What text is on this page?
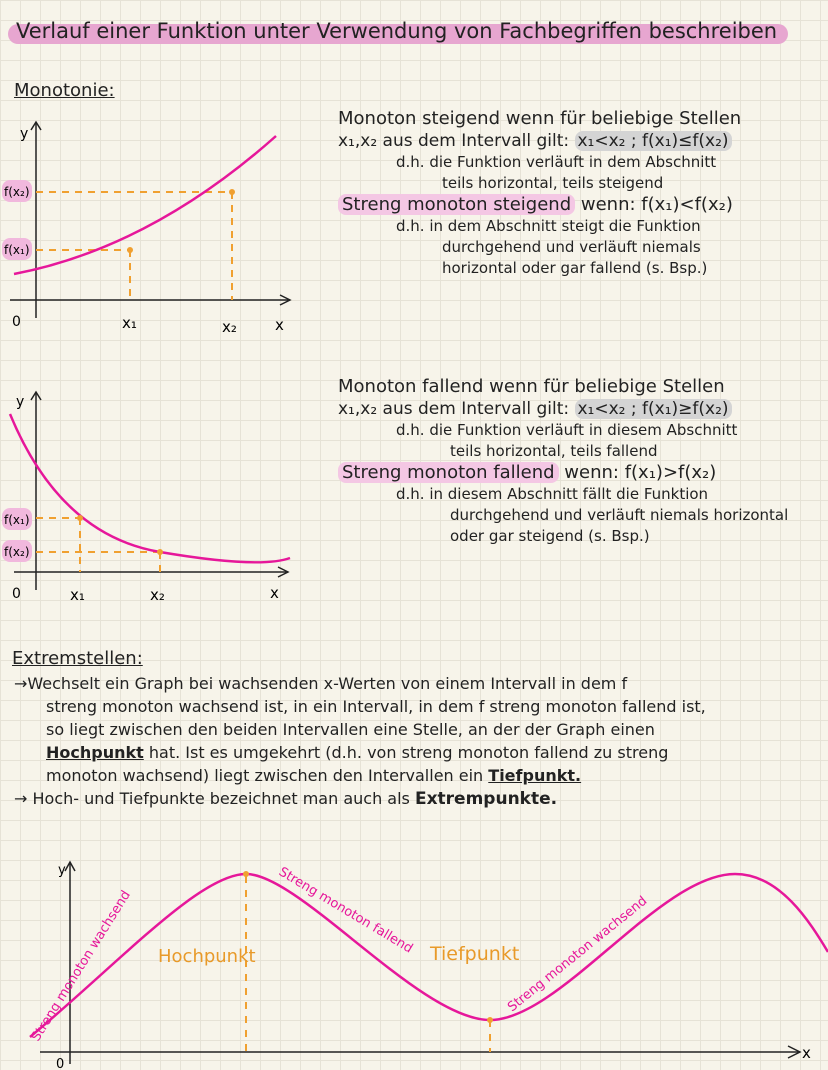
Verlauf einer Funktion unter Verwendung von Fachbegriffen beschreiben
Monotonie:
y
x
0
f(x₂)
f(x₁)
x₁	x₂
Monoton steigend wenn für beliebige Stellen
x₁,x₂ aus dem Intervall gilt: x₁<x₂ ; f(x₁)≤f(x₂)
d.h. die Funktion verläuft in dem Abschnitt
teils horizontal, teils steigend
Streng monoton steigend wenn: f(x₁)<f(x₂)
d.h. in dem Abschnitt steigt die Funktion
durchgehend und verläuft niemals
horizontal oder gar fallend (s. Bsp.)
y
x
0
f(x₁)
f(x₂)
x₁	x₂
Monoton fallend wenn für beliebige Stellen
x₁,x₂ aus dem Intervall gilt: x₁<x₂ ; f(x₁)≥f(x₂)
d.h. die Funktion verläuft in diesem Abschnitt
teils horizontal, teils fallend
Streng monoton fallend wenn: f(x₁)>f(x₂)
d.h. in diesem Abschnitt fällt die Funktion
durchgehend und verläuft niemals horizontal
oder gar steigend (s. Bsp.)
Extremstellen:
→Wechselt ein Graph bei wachsenden x-Werten von einem Intervall in dem f
streng monoton wachsend ist, in ein Intervall, in dem f streng monoton fallend ist,
so liegt zwischen den beiden Intervallen eine Stelle, an der der Graph einen
Hochpunkt hat. Ist es umgekehrt (d.h. von streng monoton fallend zu streng
monoton wachsend) liegt zwischen den Intervallen ein Tiefpunkt.
→ Hoch- und Tiefpunkte bezeichnet man auch als Extrempunkte.
y
0
x
Hochpunkt	Tiefpunkt
Streng monoton wachsend	Streng monoton fallend	Streng monoton wachsend
